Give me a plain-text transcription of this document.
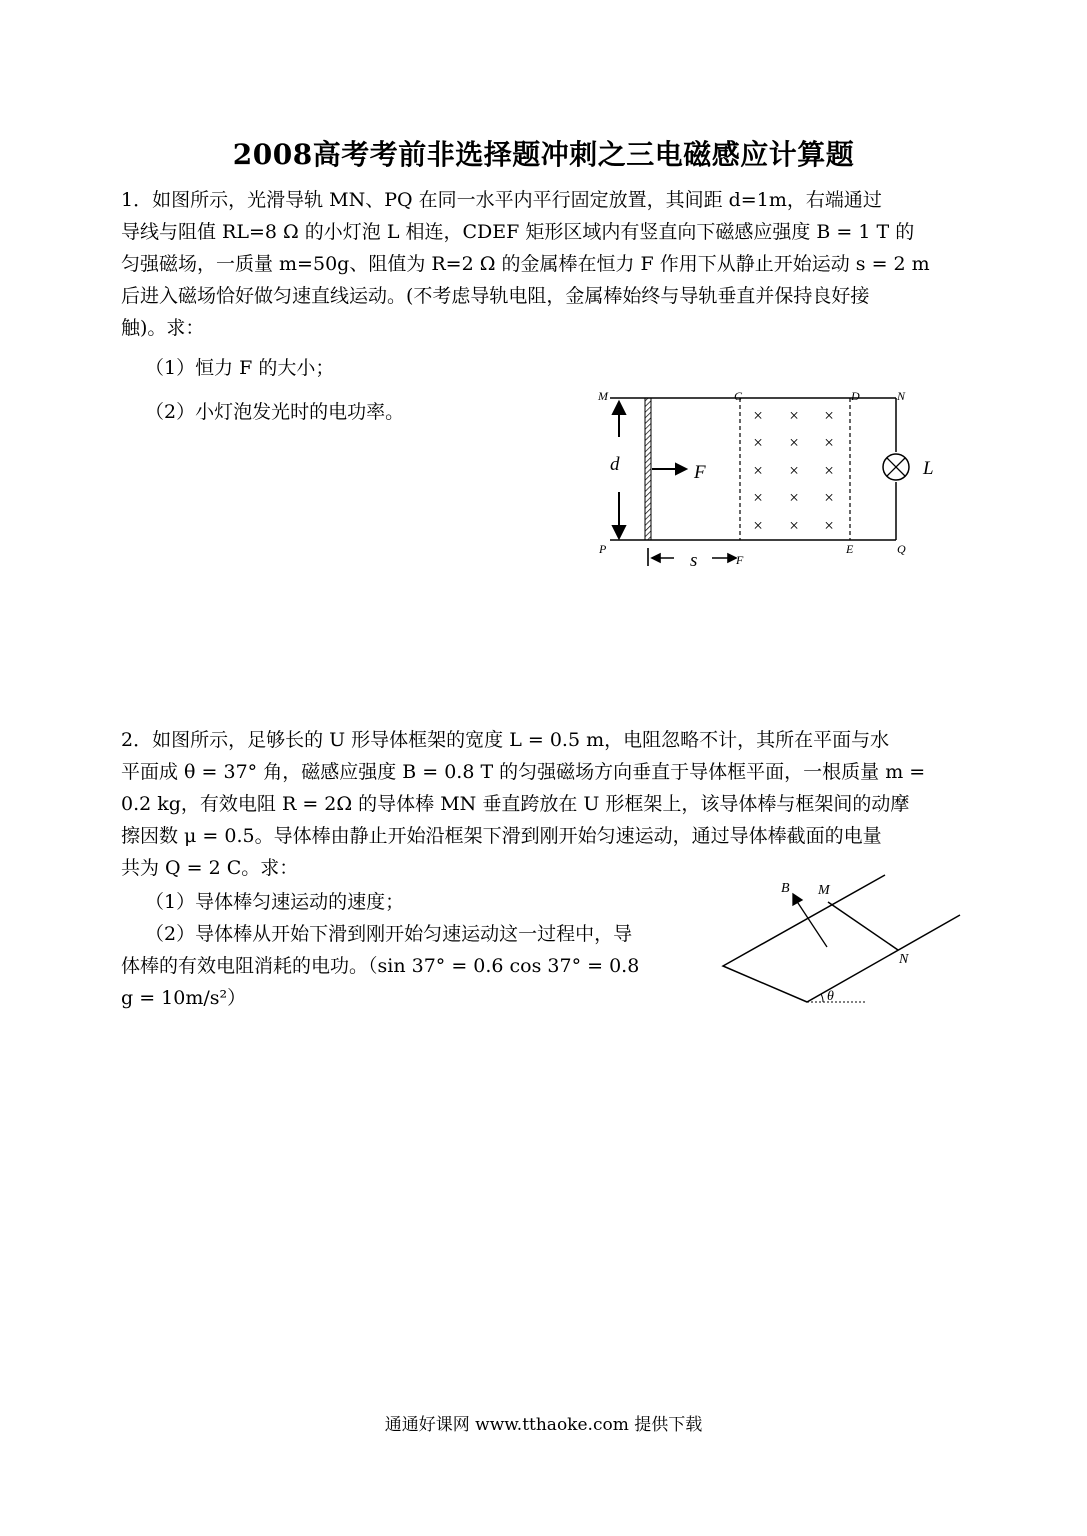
2008高考考前非选择题冲刺之三电磁感应计算题
1．如图所示，光滑导轨 MN、PQ 在同一水平内平行固定放置，其间距 d=1m，右端通过
导线与阻值 RL=8 Ω 的小灯泡 L 相连，CDEF 矩形区域内有竖直向下磁感应强度 B = 1 T 的
匀强磁场，一质量 m=50g、阻值为 R=2 Ω 的金属棒在恒力 F 作用下从静止开始运动 s = 2 m
后进入磁场恰好做匀速直线运动。(不考虑导轨电阻，金属棒始终与导轨垂直并保持良好接
触)。求：
（1）恒力 F 的大小；
（2）小灯泡发光时的电功率。	× × ×
× × ×
× × ×
× × ×
× × ×
M	C	D	N
P
F
E	Q
d	F
s
L
2．如图所示，足够长的 U 形导体框架的宽度 L = 0.5 m，电阻忽略不计，其所在平面与水
平面成 θ = 37° 角，磁感应强度 B = 0.8 T 的匀强磁场方向垂直于导体框平面，一根质量 m =
0.2 kg，有效电阻 R = 2Ω 的导体棒 MN 垂直跨放在 U 形框架上，该导体棒与框架间的动摩
擦因数 μ = 0.5。导体棒由静止开始沿框架下滑到刚开始匀速运动，通过导体棒截面的电量
共为 Q = 2 C。求：
（1）导体棒匀速运动的速度；
（2）导体棒从开始下滑到刚开始匀速运动这一过程中，导
体棒的有效电阻消耗的电功。（sin 37° = 0.6 cos 37° = 0.8
g = 10m/s²）
B M
N
θ
通通好课网 www.tthaoke.com 提供下载
